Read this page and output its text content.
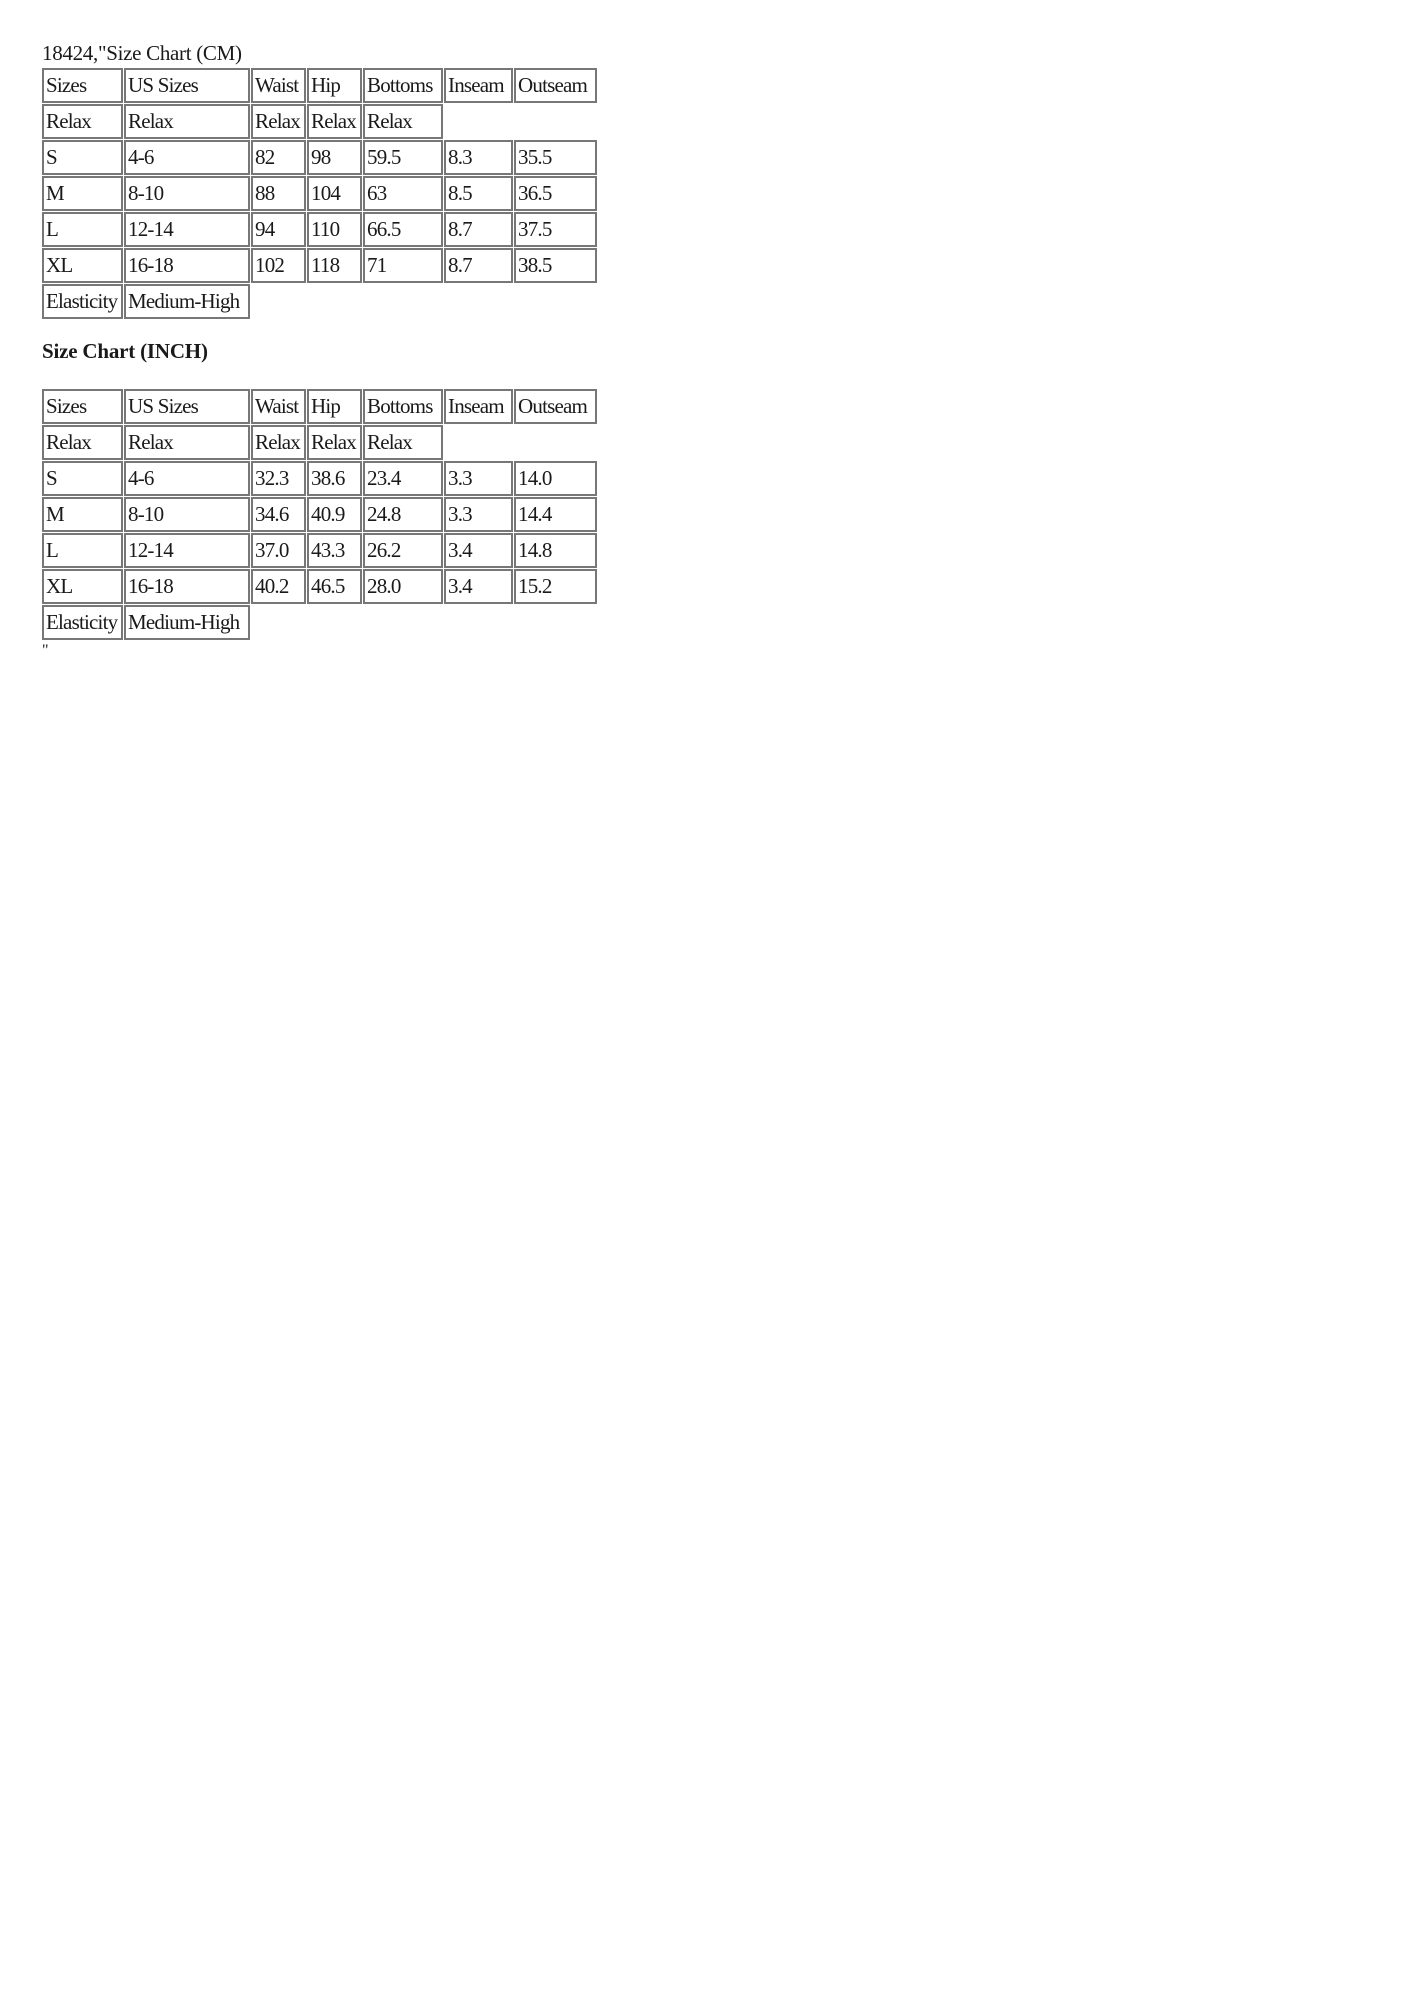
18424,"Size Chart (CM)
Sizes	US Sizes	Waist	Hip	Bottoms	Inseam	Outseam
Relax	Relax	Relax	Relax	Relax		
S	4-6	82	98	59.5	8.3	35.5
M	8-10	88	104	63	8.5	36.5
L	12-14	94	110	66.5	8.7	37.5
XL	16-18	102	118	71	8.7	38.5
Elasticity	Medium-High					
Size Chart (INCH)
Sizes	US Sizes	Waist	Hip	Bottoms	Inseam	Outseam
Relax	Relax	Relax	Relax	Relax		
S	4-6	32.3	38.6	23.4	3.3	14.0
M	8-10	34.6	40.9	24.8	3.3	14.4
L	12-14	37.0	43.3	26.2	3.4	14.8
XL	16-18	40.2	46.5	28.0	3.4	15.2
Elasticity	Medium-High					
"
